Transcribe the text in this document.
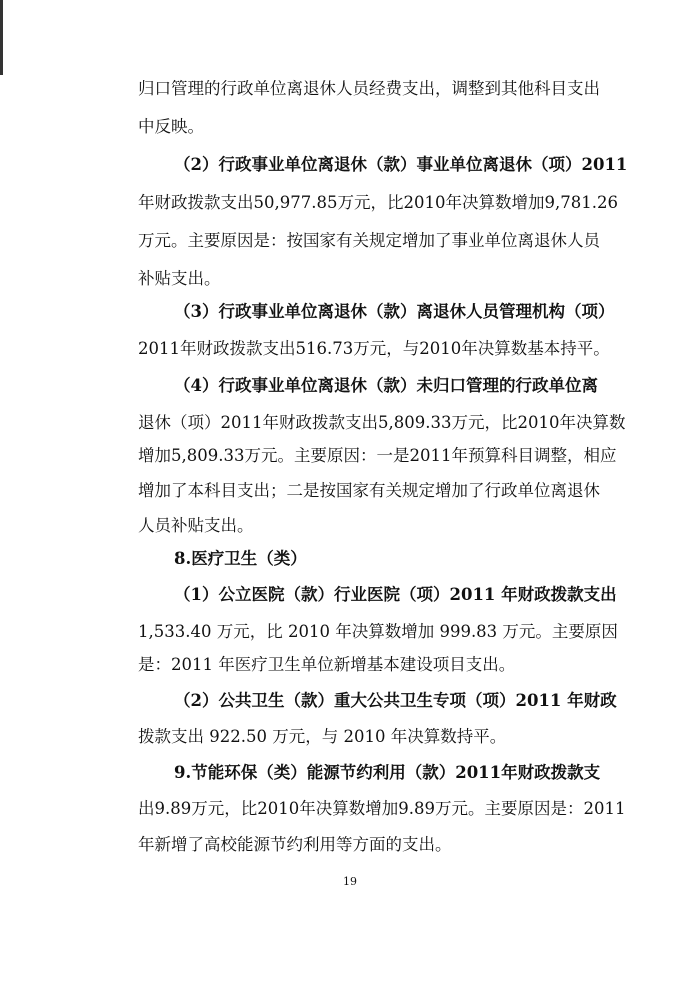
归口管理的行政单位离退休人员经费支出，调整到其他科目支出
中反映。
（2）行政事业单位离退休（款）事业单位离退休（项）2011
年财政拨款支出50,977.85万元，比2010年决算数增加9,781.26
万元。主要原因是：按国家有关规定增加了事业单位离退休人员
补贴支出。
（3）行政事业单位离退休（款）离退休人员管理机构（项）
2011年财政拨款支出516.73万元，与2010年决算数基本持平。
（4）行政事业单位离退休（款）未归口管理的行政单位离
退休（项）2011年财政拨款支出5,809.33万元，比2010年决算数
增加5,809.33万元。主要原因：一是2011年预算科目调整，相应
增加了本科目支出；二是按国家有关规定增加了行政单位离退休
人员补贴支出。
8.医疗卫生（类）
（1）公立医院（款）行业医院（项）2011 年财政拨款支出
1,533.40 万元，比 2010 年决算数增加 999.83 万元。主要原因
是：2011 年医疗卫生单位新增基本建设项目支出。
（2）公共卫生（款）重大公共卫生专项（项）2011 年财政
拨款支出 922.50 万元，与 2010 年决算数持平。
9.节能环保（类）能源节约利用（款）2011年财政拨款支
出9.89万元，比2010年决算数增加9.89万元。主要原因是：2011
年新增了高校能源节约利用等方面的支出。
19
